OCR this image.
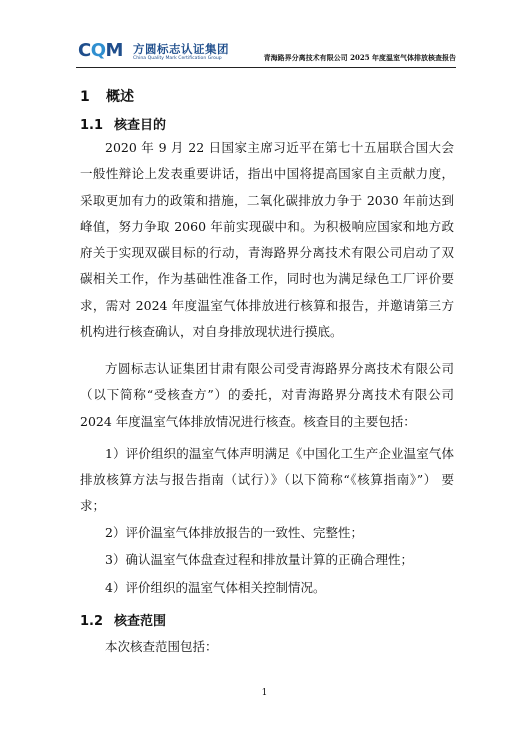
CQM 方圆标志认证集团
China Quality Mark Certification Group	青海路界分离技术有限公司 2025 年度温室气体排放核查报告
1 概述
1.1 核查目的
2020 年 9 月 22 日国家主席习近平在第七十五届联合国大会一般性辩论上发表重要讲话，指出中国将提高国家自主贡献力度，采取更加有力的政策和措施，二氧化碳排放力争于 2030 年前达到峰值，努力争取 2060 年前实现碳中和。为积极响应国家和地方政府关于实现双碳目标的行动，青海路界分离技术有限公司启动了双碳相关工作，作为基础性准备工作，同时也为满足绿色工厂评价要求，需对 2024 年度温室气体排放进行核算和报告，并邀请第三方机构进行核查确认，对自身排放现状进行摸底。
方圆标志认证集团甘肃有限公司受青海路界分离技术有限公司（以下简称“受核查方”）的委托，对青海路界分离技术有限公司 2024 年度温室气体排放情况进行核查。核查目的主要包括：
1）评价组织的温室气体声明满足《中国化工生产企业温室气体排放核算方法与报告指南（试行）》（以下简称“《核算指南》”） 要求；
2）评价温室气体排放报告的一致性、完整性；
3）确认温室气体盘查过程和排放量计算的正确合理性；
4）评价组织的温室气体相关控制情况。
1.2 核查范围
本次核查范围包括：
1
